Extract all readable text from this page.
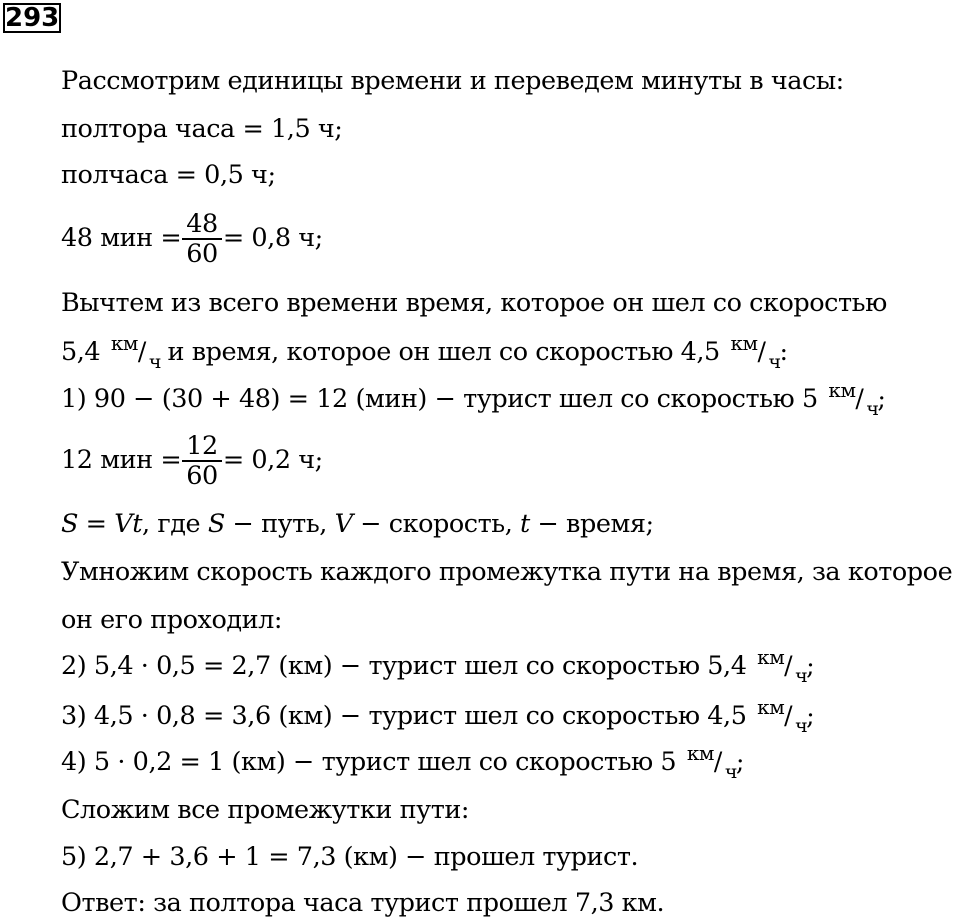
293
Рассмотрим единицы времени и переведем минуты в часы:
полтора часа = 1,5 ч;
полчаса = 0,5 ч;
48 мин = $\frac{48}{60} = 0,8$ ч;
Вычтем из всего времени время, которое он шел со скоростью
5,4 км / ч и время, которое он шел со скоростью 4,5 км / ч
:
1) 90 − (30 + 48) = 12 (мин) − турист шел со скоростью 5 км / ч
;
12 мин = $\frac{12}{60} = 0,2$ ч;
S = Vt, где S − путь, V − скорость, t − время;
Умножим скорость каждого промежутка пути на время, за которое
он его проходил:
2) 5,4 · 0,5 = 2,7 (км) − турист шел со скоростью 5,4 км / ч
;
3) 4,5 · 0,8 = 3,6 (км) − турист шел со скоростью 4,5 км / ч
;
4) 5 · 0,2 = 1 (км) − турист шел со скоростью 5 км / ч
;
Сложим все промежутки пути:
5) 2,7 + 3,6 + 1 = 7,3 (км) − прошел турист.
Ответ: за полтора часа турист прошел 7,3 км.
